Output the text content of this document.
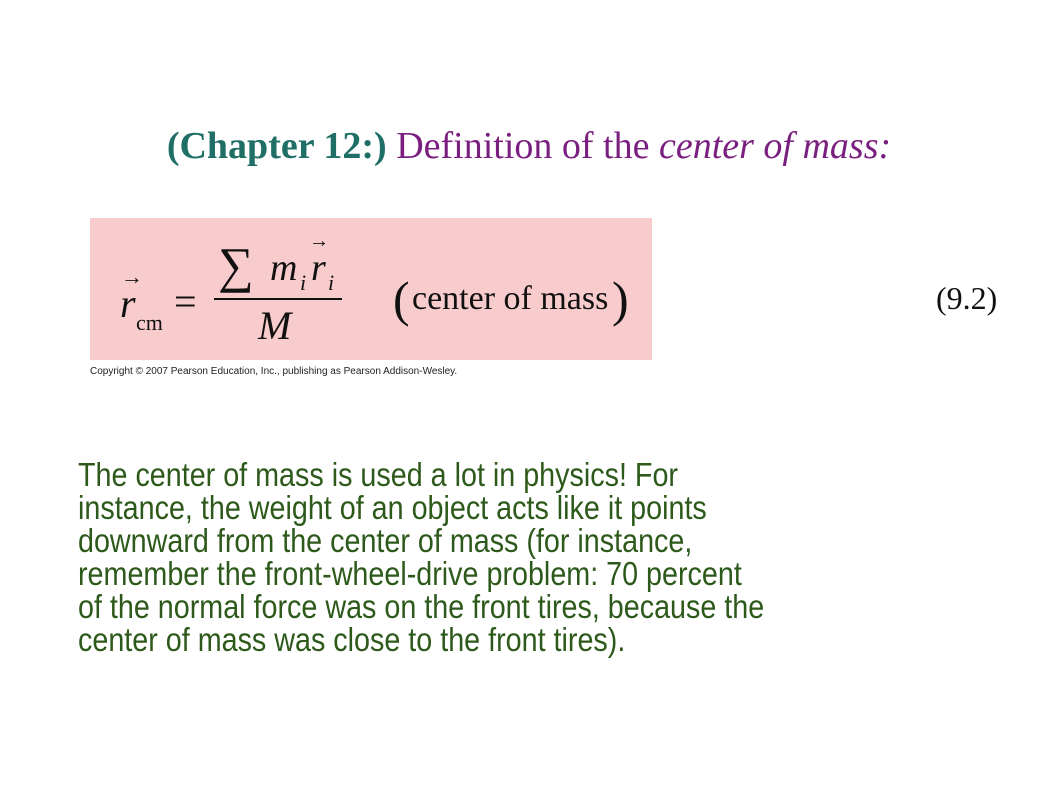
(Chapter 12:) Definition of the center of mass:
→
r cm =
∑ m i
→
r i
M ( center of mass )	(9.2)
Copyright © 2007 Pearson Education, Inc., publishing as Pearson Addison-Wesley.
The center of mass is used a lot in physics! For
instance, the weight of an object acts like it points
downward from the center of mass (for instance,
remember the front-wheel-drive problem: 70 percent
of the normal force was on the front tires, because the
center of mass was close to the front tires).
